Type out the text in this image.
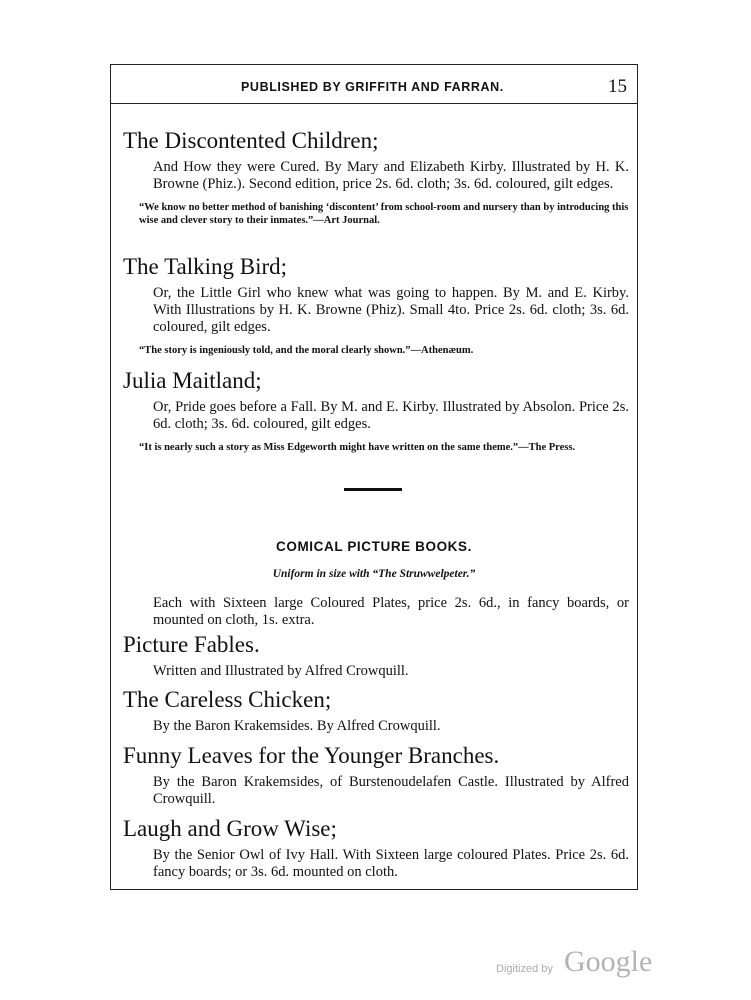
PUBLISHED BY GRIFFITH AND FARRAN.	15
The Discontented Children;

And How they were Cured. By Mary and Elizabeth Kirby. Illustrated by H. K. Browne (Phiz.). Second edition, price 2s. 6d. cloth; 3s. 6d. coloured, gilt edges.

“We know no better method of banishing ‘discontent’ from school-room and nursery than by introducing this wise and clever story to their inmates.”—Art Journal.

The Talking Bird;

Or, the Little Girl who knew what was going to happen. By M. and E. Kirby. With Illustrations by H. K. Browne (Phiz). Small 4to. Price 2s. 6d. cloth; 3s. 6d. coloured, gilt edges.

“The story is ingeniously told, and the moral clearly shown.”—Athenæum.

Julia Maitland;

Or, Pride goes before a Fall. By M. and E. Kirby. Illustrated by Absolon. Price 2s. 6d. cloth; 3s. 6d. coloured, gilt edges.

“It is nearly such a story as Miss Edgeworth might have written on the same theme.”—The Press.

COMICAL PICTURE BOOKS.
Uniform in size with “The Struwwelpeter.”
Each with Sixteen large Coloured Plates, price 2s. 6d., in fancy boards, or mounted on cloth, 1s. extra.
Picture Fables.

Written and Illustrated by Alfred Crowquill.

The Careless Chicken;

By the Baron Krakemsides. By Alfred Crowquill.

Funny Leaves for the Younger Branches.

By the Baron Krakemsides, of Burstenoudelafen Castle. Illustrated by Alfred Crowquill.

Laugh and Grow Wise;

By the Senior Owl of Ivy Hall. With Sixteen large coloured Plates. Price 2s. 6d. fancy boards; or 3s. 6d. mounted on cloth.

Digitized by Google
